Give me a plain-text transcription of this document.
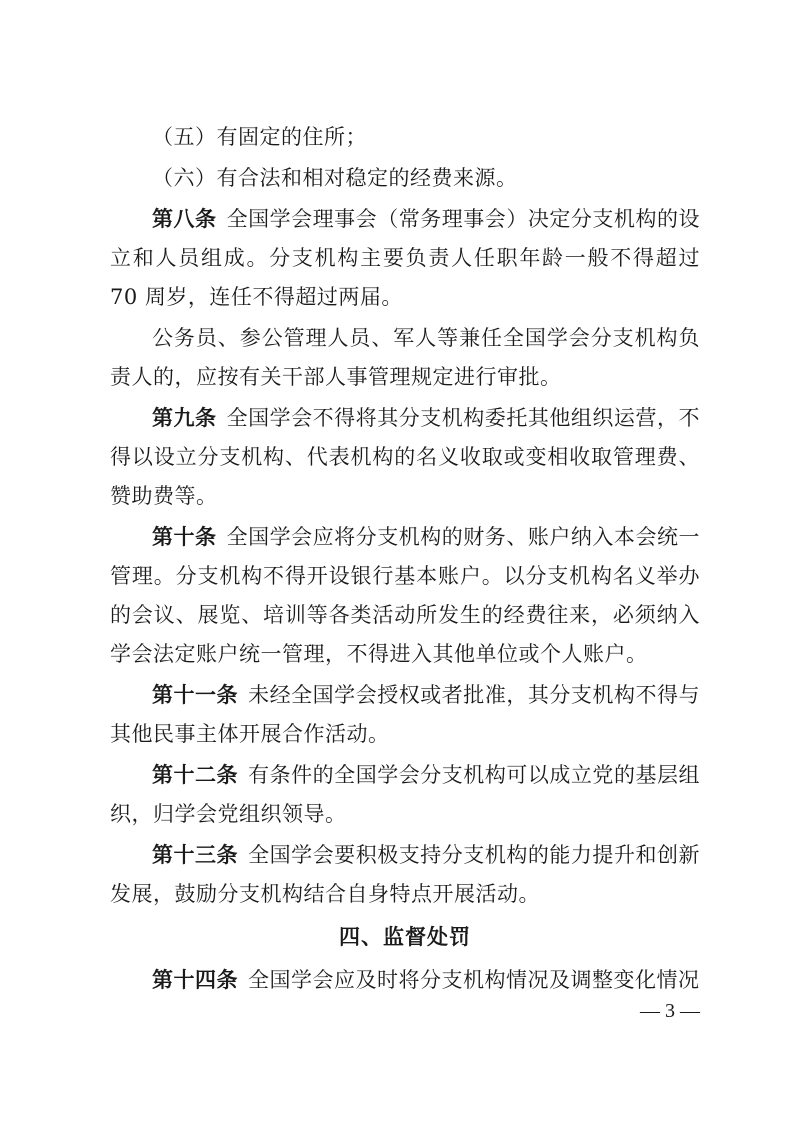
（五）有固定的住所；

（六）有合法和相对稳定的经费来源。

第八条 全国学会理事会（常务理事会）决定分支机构的设立和人员组成。分支机构主要负责人任职年龄一般不得超过 70 周岁，连任不得超过两届。

公务员、参公管理人员、军人等兼任全国学会分支机构负责人的，应按有关干部人事管理规定进行审批。

第九条 全国学会不得将其分支机构委托其他组织运营，不得以设立分支机构、代表机构的名义收取或变相收取管理费、赞助费等。

第十条 全国学会应将分支机构的财务、账户纳入本会统一管理。分支机构不得开设银行基本账户。以分支机构名义举办的会议、展览、培训等各类活动所发生的经费往来，必须纳入学会法定账户统一管理，不得进入其他单位或个人账户。

第十一条 未经全国学会授权或者批准，其分支机构不得与其他民事主体开展合作活动。

第十二条 有条件的全国学会分支机构可以成立党的基层组织，归学会党组织领导。

第十三条 全国学会要积极支持分支机构的能力提升和创新发展，鼓励分支机构结合自身特点开展活动。

四、监督处罚

第十四条 全国学会应及时将分支机构情况及调整变化情况

— 3 —
